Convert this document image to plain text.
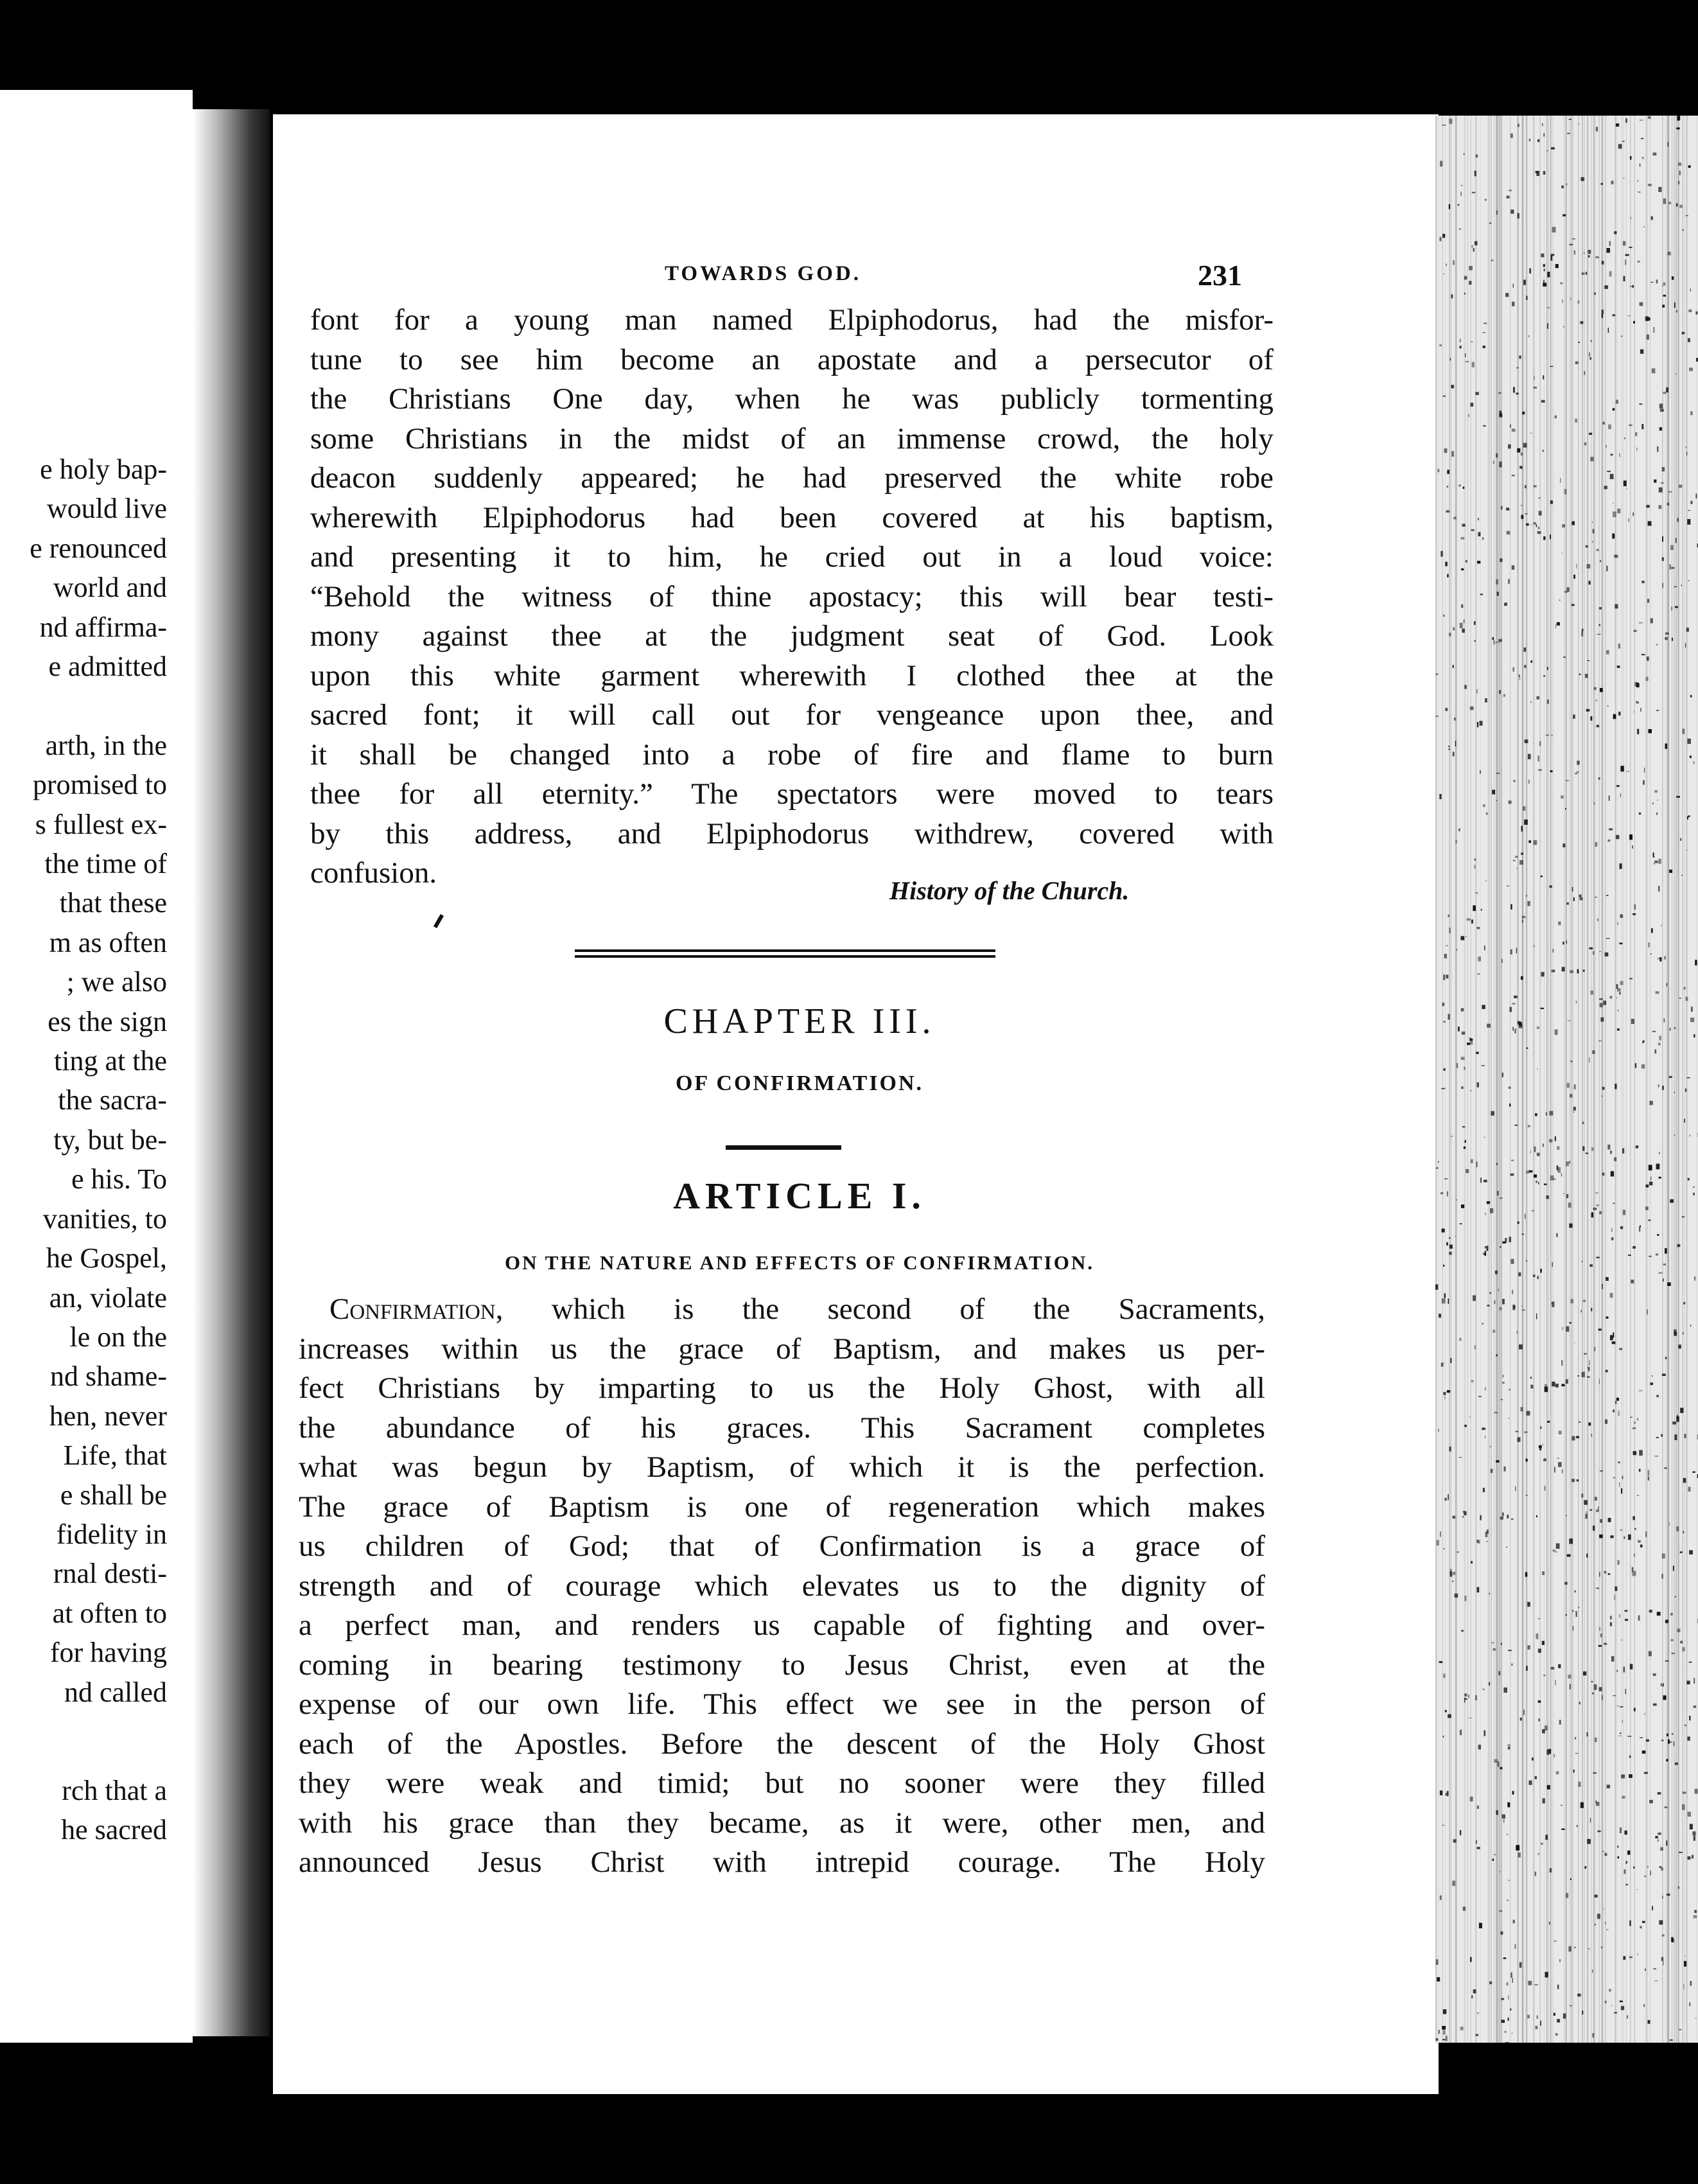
e holy bap-
would live
e renounced
world and
nd affirma-
e admitted
arth, in the
promised to
s fullest ex-
the time of
that these
m as often
; we also
es the sign
ting at the
the sacra-
ty, but be-
e his. To
vanities, to
he Gospel,
an, violate
le on the
nd shame-
hen, never
Life, that
e shall be
fidelity in
rnal desti-
at often to
for having
nd called
rch that a
he sacred
TOWARDS GOD.	231
font for a young man named Elpiphodorus, had the misfor-
tune to see him become an apostate and a persecutor of
the Christians One day, when he was publicly tormenting
some Christians in the midst of an immense crowd, the holy
deacon suddenly appeared; he had preserved the white robe
wherewith Elpiphodorus had been covered at his baptism,
and presenting it to him, he cried out in a loud voice:
“Behold the witness of thine apostacy; this will bear testi-
mony against thee at the judgment seat of God. Look
upon this white garment wherewith I clothed thee at the
sacred font; it will call out for vengeance upon thee, and
it shall be changed into a robe of fire and flame to burn
thee for all eternity.” The spectators were moved to tears
by this address, and Elpiphodorus withdrew, covered with
confusion.
History of the Church.
CHAPTER III.
OF CONFIRMATION.
ARTICLE I.
ON THE NATURE AND EFFECTS OF CONFIRMATION.
Confirmation, which is the second of the Sacraments,
increases within us the grace of Baptism, and makes us per-
fect Christians by imparting to us the Holy Ghost, with all
the abundance of his graces. This Sacrament completes
what was begun by Baptism, of which it is the perfection.
The grace of Baptism is one of regeneration which makes
us children of God; that of Confirmation is a grace of
strength and of courage which elevates us to the dignity of
a perfect man, and renders us capable of fighting and over-
coming in bearing testimony to Jesus Christ, even at the
expense of our own life. This effect we see in the person of
each of the Apostles. Before the descent of the Holy Ghost
they were weak and timid; but no sooner were they filled
with his grace than they became, as it were, other men, and
announced Jesus Christ with intrepid courage. The Holy
